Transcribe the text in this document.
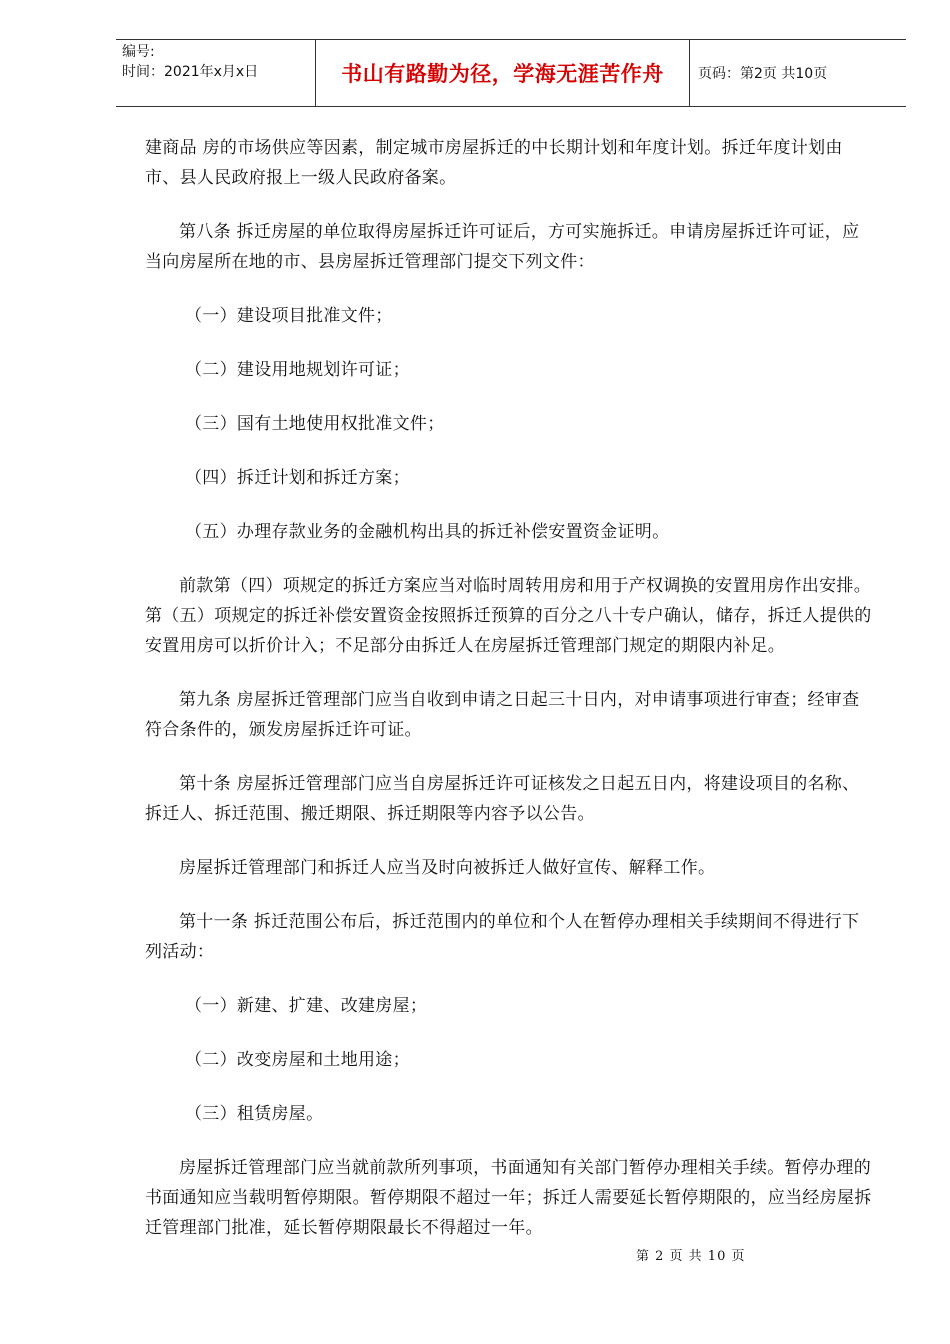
编号:
时间：2021年x月x日	书山有路勤为径，学海无涯苦作舟 页码：第2页 共10页

建商品 房的市场供应等因素，制定城市房屋拆迁的中长期计划和年度计划。拆迁年度计划由市、县人民政府报上一级人民政府备案。

第八条 拆迁房屋的单位取得房屋拆迁许可证后，方可实施拆迁。申请房屋拆迁许可证，应当向房屋所在地的市、县房屋拆迁管理部门提交下列文件：

（一）建设项目批准文件；

（二）建设用地规划许可证；

（三）国有土地使用权批准文件；

（四）拆迁计划和拆迁方案；

（五）办理存款业务的金融机构出具的拆迁补偿安置资金证明。

前款第（四）项规定的拆迁方案应当对临时周转用房和用于产权调换的安置用房作出安排。第（五）项规定的拆迁补偿安置资金按照拆迁预算的百分之八十专户确认，储存，拆迁人提供的安置用房可以折价计入；不足部分由拆迁人在房屋拆迁管理部门规定的期限内补足。

第九条 房屋拆迁管理部门应当自收到申请之日起三十日内，对申请事项进行审查；经审查符合条件的，颁发房屋拆迁许可证。

第十条 房屋拆迁管理部门应当自房屋拆迁许可证核发之日起五日内，将建设项目的名称、拆迁人、拆迁范围、搬迁期限、拆迁期限等内容予以公告。

房屋拆迁管理部门和拆迁人应当及时向被拆迁人做好宣传、解释工作。

第十一条 拆迁范围公布后，拆迁范围内的单位和个人在暂停办理相关手续期间不得进行下列活动：

（一）新建、扩建、改建房屋；

（二）改变房屋和土地用途；

（三）租赁房屋。

房屋拆迁管理部门应当就前款所列事项，书面通知有关部门暂停办理相关手续。暂停办理的书面通知应当载明暂停期限。暂停期限不超过一年；拆迁人需要延长暂停期限的，应当经房屋拆迁管理部门批准，延长暂停期限最长不得超过一年。

第 2 页 共 10 页
